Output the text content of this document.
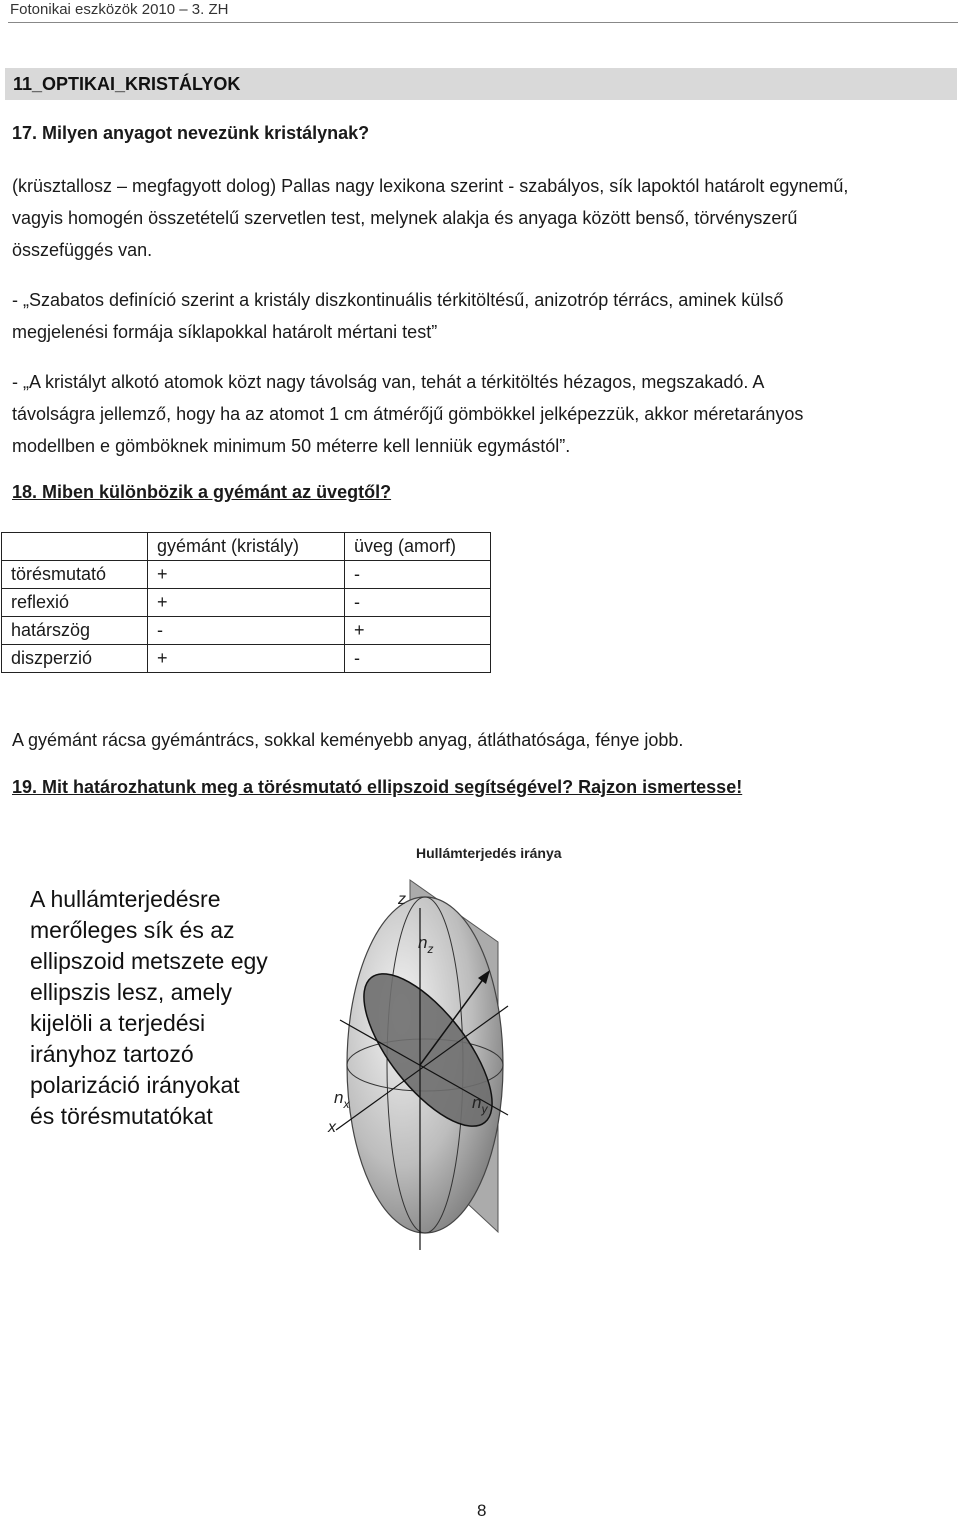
Fotonikai eszközök 2010 – 3. ZH
11_OPTIKAI_KRISTÁLYOK
17. Milyen anyagot nevezünk kristálynak?
(krüsztallosz – megfagyott dolog) Pallas nagy lexikona szerint - szabályos, sík lapoktól határolt egynemű,
vagyis homogén összetételű szervetlen test, melynek alakja és anyaga között benső, törvényszerű
összefüggés van.
- „Szabatos definíció szerint a kristály diszkontinuális térkitöltésű, anizotróp térrács, aminek külső
megjelenési formája síklapokkal határolt mértani test”
- „A kristályt alkotó atomok közt nagy távolság van, tehát a térkitöltés hézagos, megszakadó. A
távolságra jellemző, hogy ha az atomot 1 cm átmérőjű gömbökkel jelképezzük, akkor méretarányos
modellben e gömböknek minimum 50 méterre kell lenniük egymástól”.
18. Miben különbözik a gyémánt az üvegtől?
	gyémánt (kristály)	üveg (amorf)
törésmutató	+	-
reflexió	+	-
határszög	-	+
diszperzió	+	-
A gyémánt rácsa gyémántrács, sokkal keményebb anyag, átláthatósága, fénye jobb.
19. Mit határozhatunk meg a törésmutató ellipszoid segítségével? Rajzon ismertesse!
Hullámterjedés iránya
A hullámterjedésre
merőleges sík és az
ellipszoid metszete egy
ellipszis lesz, amely
kijelöli a terjedési
irányhoz tartozó
polarizáció irányokat
és törésmutatókat
z
$n_z$
$n_x$
x
$n_y$
8
